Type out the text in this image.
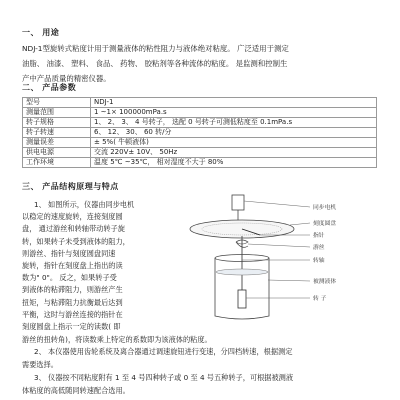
一、 用途
NDJ-1型旋转式粘度计用于测量液体的粘性阻力与液体绝对粘度。 广泛适用于测定
油脂、 油漆、 塑料、 食品、 药物、 胶粘剂等各种流体的粘度。 是监测和控制生
产中产品质量的精密仪器。
二、 产品参数
型号	NDJ-1
测量范围	1 ~1× 100000mPa.s
转子规格	1、 2、 3、 4 号转子， 选配 0 号转子可测低粘度至 0.1mPa.s
转子转速	6、 12、 30、 60 转/分
测量误差	± 5%( 牛顿液体)
供电电源	交流 220V± 10V、 50Hz
工作环境	温度 5℃ ~35℃， 相对湿度不大于 80%
三、 产品结构原理与特点
1、 如图所示，仪器由同步电机
以稳定的速度旋转，连接刻度圆
盘， 通过游丝和转轴带动转子旋
转，如果转子未受到液体的阻力，
则游丝、指针与刻度圆盘同速
旋转，指针在刻度盘上指出的读
数为" 0"。 反之，如果转子受
到液体的粘滞阻力，则游丝产生
扭矩，与粘滞阻力抗衡最后达到
平衡，这时与游丝连接的指针在
刻度圆盘上指示一定的读数( 即
游丝的扭转角)，将读数乘上特定的系数即为该液体的粘度。
2、 本仪器使用齿轮系统及离合器通过调速旋钮进行变速，分四档转速，根据测定
需要选择。
3、 仪器按不同粘度附有 1 至 4 号四种转子或 0 至 4 号五种转子，可根据被测液
体粘度的高低随同转速配合选用。
同步电机
刻度圆盘
指针
游丝
转轴
被测液体
转 子
